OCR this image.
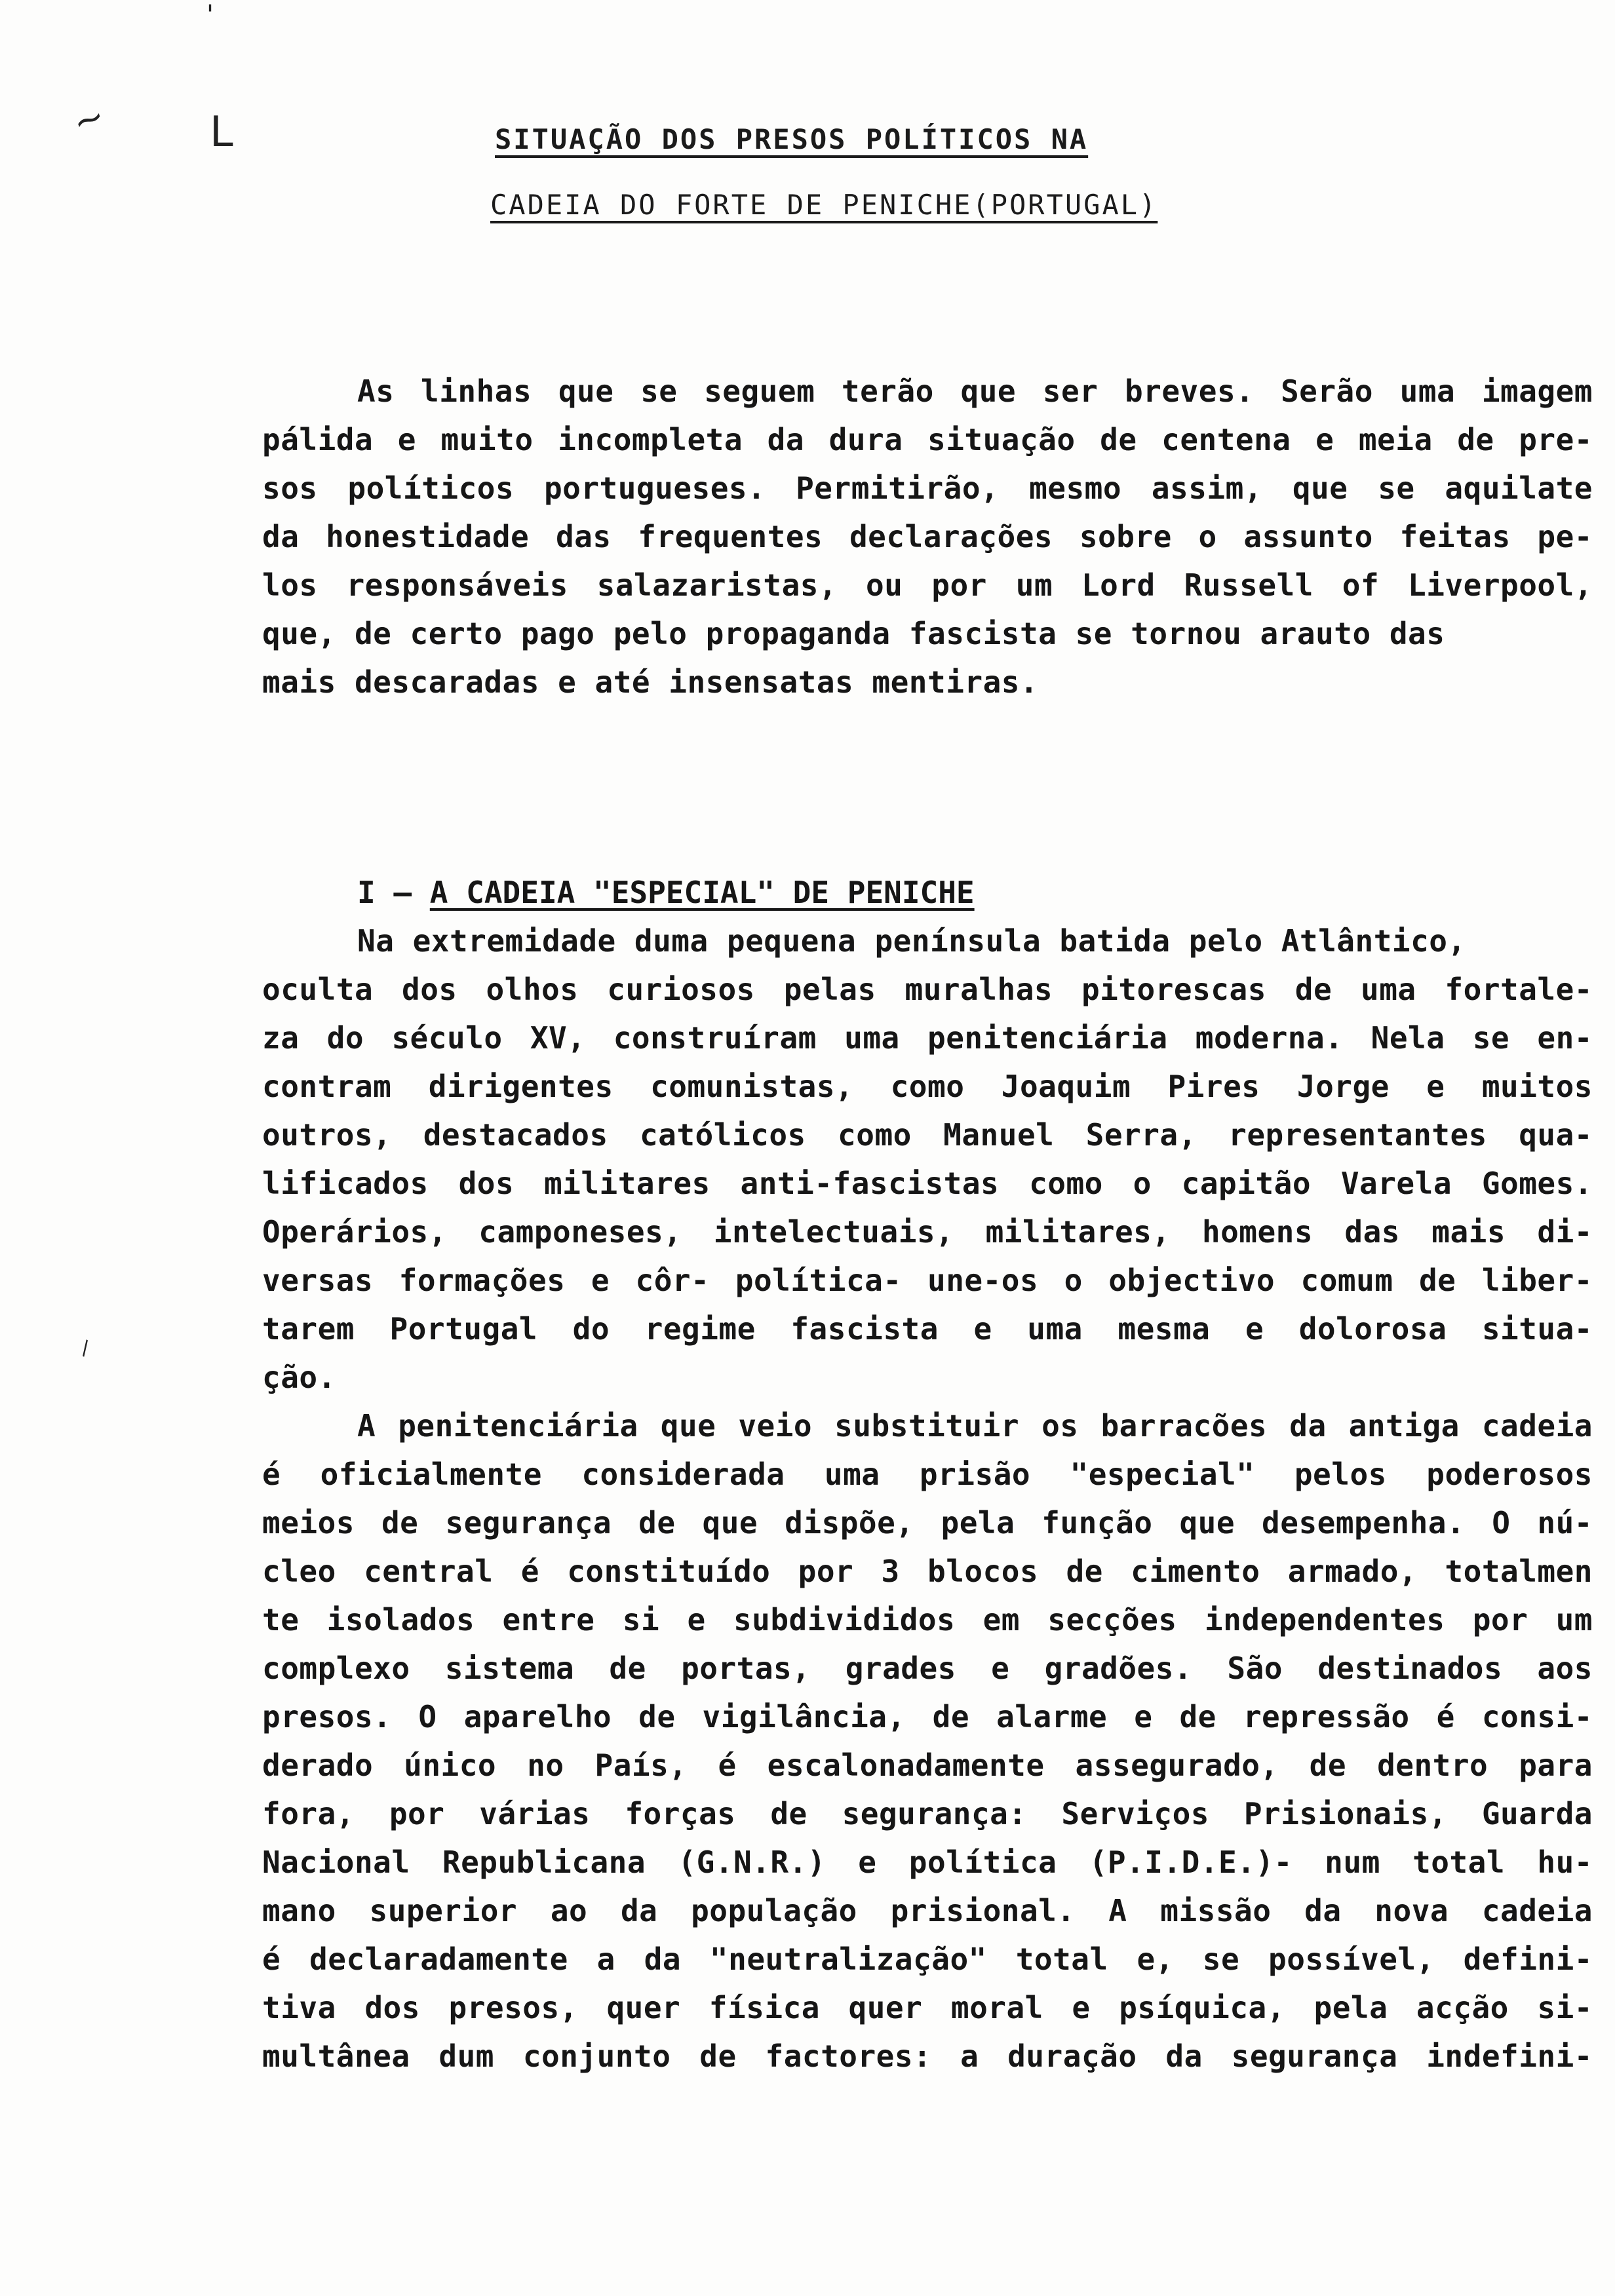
'
~ L
\
SITUAÇÃO DOS PRESOS POLÍTICOS NA
CADEIA DO FORTE DE PENICHE(PORTUGAL)
As linhas que se seguem terão que ser breves. Serão uma imagem
pálida e muito incompleta da dura situação de centena e meia de pre-
sos políticos portugueses. Permitirão, mesmo assim, que se aquilate
da honestidade das frequentes declarações sobre o assunto feitas pe-
los responsáveis salazaristas, ou por um Lord Russell of Liverpool,
que, de certo pago pelo propaganda fascista se tornou arauto das
mais descaradas e até insensatas mentiras.
I – A CADEIA "ESPECIAL" DE PENICHE
Na extremidade duma pequena península batida pelo Atlântico,
oculta dos olhos curiosos pelas muralhas pitorescas de uma fortale-
za do século XV, construíram uma penitenciária moderna. Nela se en-
contram dirigentes comunistas, como Joaquim Pires Jorge e muitos
outros, destacados católicos como Manuel Serra, representantes qua-
lificados dos militares anti-fascistas como o capitão Varela Gomes.
Operários, camponeses, intelectuais, militares, homens das mais di-
versas formações e côr- política- une-os o objectivo comum de liber-
tarem Portugal do regime fascista e uma mesma e dolorosa situa-
ção.
A penitenciária que veio substituir os barracões da antiga cadeia
é oficialmente considerada uma prisão "especial" pelos poderosos
meios de segurança de que dispõe, pela função que desempenha. O nú-
cleo central é constituído por 3 blocos de cimento armado, totalmen
te isolados entre si e subdivididos em secções independentes por um
complexo sistema de portas, grades e gradões. São destinados aos
presos. O aparelho de vigilância, de alarme e de repressão é consi-
derado único no País, é escalonadamente assegurado, de dentro para
fora, por várias forças de segurança: Serviços Prisionais, Guarda
Nacional Republicana (G.N.R.) e política (P.I.D.E.)- num total hu-
mano superior ao da população prisional. A missão da nova cadeia
é declaradamente a da "neutralização" total e, se possível, defini-
tiva dos presos, quer física quer moral e psíquica, pela acção si-
multânea dum conjunto de factores: a duração da segurança indefini-
